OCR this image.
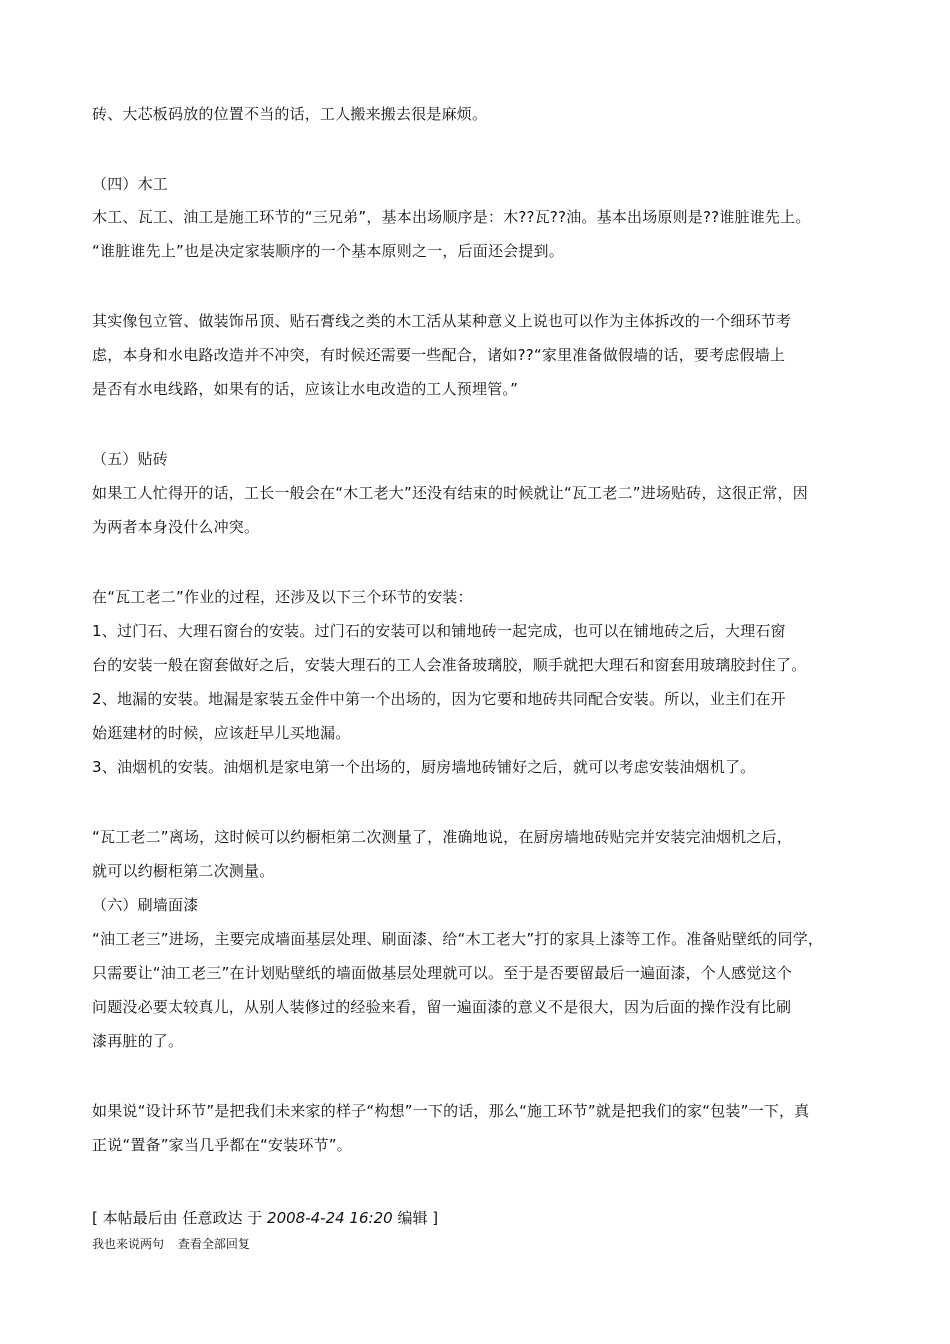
砖、大芯板码放的位置不当的话，工人搬来搬去很是麻烦。
（四）木工
木工、瓦工、油工是施工环节的“三兄弟”，基本出场顺序是：木??瓦??油。基本出场原则是??谁脏谁先上。
“谁脏谁先上”也是决定家装顺序的一个基本原则之一，后面还会提到。
其实像包立管、做装饰吊顶、贴石膏线之类的木工活从某种意义上说也可以作为主体拆改的一个细环节考
虑，本身和水电路改造并不冲突，有时候还需要一些配合，诸如??“家里准备做假墙的话，要考虑假墙上
是否有水电线路，如果有的话，应该让水电改造的工人预埋管。”
（五）贴砖
如果工人忙得开的话，工长一般会在“木工老大”还没有结束的时候就让“瓦工老二”进场贴砖，这很正常，因
为两者本身没什么冲突。
在“瓦工老二”作业的过程，还涉及以下三个环节的安装：
1、过门石、大理石窗台的安装。过门石的安装可以和铺地砖一起完成，也可以在铺地砖之后，大理石窗
台的安装一般在窗套做好之后，安装大理石的工人会准备玻璃胶，顺手就把大理石和窗套用玻璃胶封住了。
2、地漏的安装。地漏是家装五金件中第一个出场的，因为它要和地砖共同配合安装。所以，业主们在开
始逛建材的时候，应该赶早儿买地漏。
3、油烟机的安装。油烟机是家电第一个出场的，厨房墙地砖铺好之后，就可以考虑安装油烟机了。
“瓦工老二”离场，这时候可以约橱柜第二次测量了，准确地说，在厨房墙地砖贴完并安装完油烟机之后，
就可以约橱柜第二次测量。
（六）刷墙面漆
“油工老三”进场，主要完成墙面基层处理、刷面漆、给“木工老大”打的家具上漆等工作。准备贴壁纸的同学，
只需要让“油工老三”在计划贴壁纸的墙面做基层处理就可以。至于是否要留最后一遍面漆，个人感觉这个
问题没必要太较真儿，从别人装修过的经验来看，留一遍面漆的意义不是很大，因为后面的操作没有比刷
漆再脏的了。
如果说“设计环节”是把我们未来家的样子“构想”一下的话，那么“施工环节”就是把我们的家“包装”一下，真
正说“置备”家当几乎都在“安装环节”。
[ 本帖最后由 任意政达 于 2008-4-24 16:20 编辑 ]
我也来说两句 查看全部回复
